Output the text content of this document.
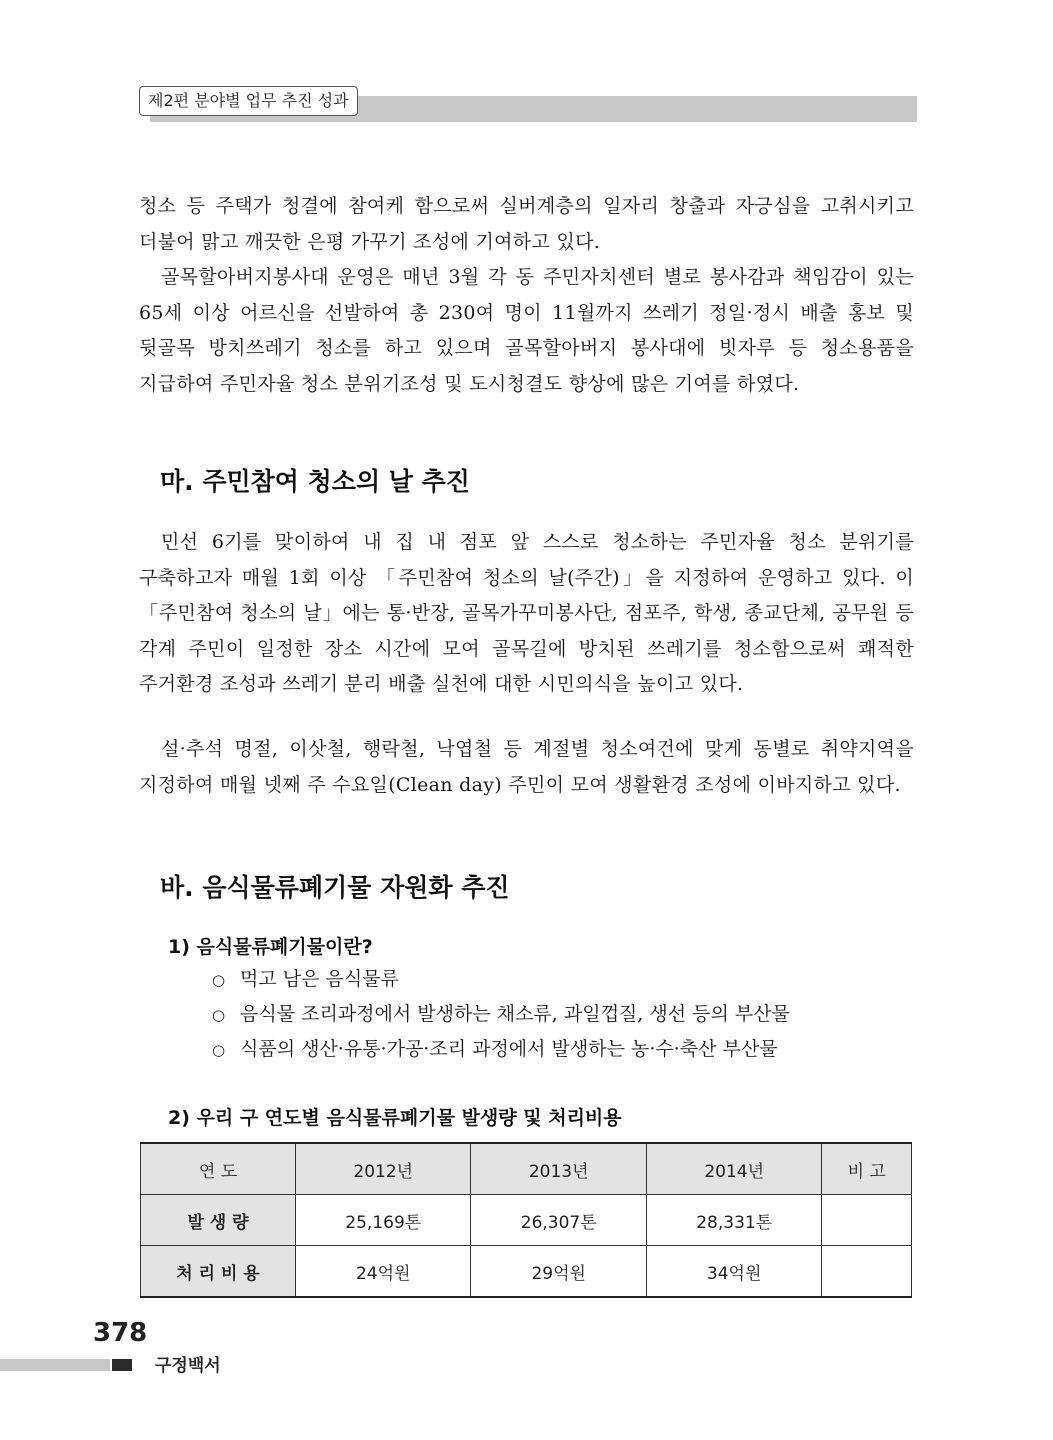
제2편 분야별 업무 추진 성과

청소 등 주택가 청결에 참여케 함으로써 실버계층의 일자리 창출과 자긍심을 고취시키고 더불어 맑고 깨끗한 은평 가꾸기 조성에 기여하고 있다.

골목할아버지봉사대 운영은 매년 3월 각 동 주민자치센터 별로 봉사감과 책임감이 있는 65세 이상 어르신을 선발하여 총 230여 명이 11월까지 쓰레기 정일·정시 배출 홍보 및 뒷골목 방치쓰레기 청소를 하고 있으며 골목할아버지 봉사대에 빗자루 등 청소용품을 지급하여 주민자율 청소 분위기조성 및 도시청결도 향상에 많은 기여를 하였다.

마. 주민참여 청소의 날 추진

민선 6기를 맞이하여 내 집 내 점포 앞 스스로 청소하는 주민자율 청소 분위기를 구축하고자 매월 1회 이상 「주민참여 청소의 날(주간)」을 지정하여 운영하고 있다. 이 「주민참여 청소의 날」에는 통·반장, 골목가꾸미봉사단, 점포주, 학생, 종교단체, 공무원 등 각계 주민이 일정한 장소 시간에 모여 골목길에 방치된 쓰레기를 청소함으로써 쾌적한 주거환경 조성과 쓰레기 분리 배출 실천에 대한 시민의식을 높이고 있다.

설·추석 명절, 이삿철, 행락철, 낙엽철 등 계절별 청소여건에 맞게 동별로 취약지역을 지정하여 매월 넷째 주 수요일(Clean day) 주민이 모여 생활환경 조성에 이바지하고 있다.

바. 음식물류폐기물 자원화 추진
1) 음식물류폐기물이란?
○ 먹고 남은 음식물류
○ 음식물 조리과정에서 발생하는 채소류, 과일껍질, 생선 등의 부산물
○ 식품의 생산·유통·가공·조리 과정에서 발생하는 농·수·축산 부산물
2) 우리 구 연도별 음식물류폐기물 발생량 및 처리비용
연 도	2012년	2013년	2014년	비 고
발 생 량	25,169톤	26,307톤	28,331톤	
처 리 비 용	24억원	29억원	34억원	

378

구정백서
